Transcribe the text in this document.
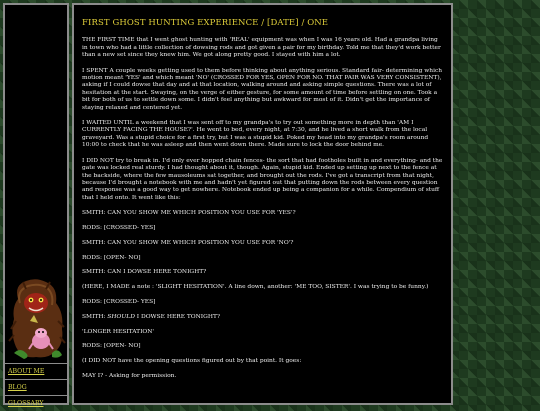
ABOUT ME
BLOG
GLOSSARY
FIRST GHOST HUNTING EXPERIENCE / [DATE] / ONE

THE FIRST TIME that I went ghost hunting with 'REAL' equipment was when I was 16 years old. Had a grandpa living in town who had a little collection of dowsing rods and got given a pair for my birthday. Told me that they'd work better than a new set since they knew him. We got along pretty good. I stayed with him a lot.

I SPENT A couple weeks getting used to them before thinking about anything serious. Standard fair- determining which motion meant 'YES' and which meant 'NO' (CROSSED FOR YES, OPEN FOR NO. THAT PAIR WAS VERY CONSISTENT), asking if I could dowse that day and at that location, walking around and asking simple questions. There was a lot of hesitation at the start. Swaying, on the verge of either gesture, for some amount of time before settling on one. Took a bit for both of us to settle down some. I didn't feel anything but awkward for most of it. Didn't get the importance of staying relaxed and centered yet.

I WAITED UNTIL a weekend that I was sent off to my grandpa's to try out something more in depth than 'AM I CURRENTLY FACING THE HOUSE?'. He went to bed, every night, at 7:30, and he lived a short walk from the local graveyard. Was a stupid choice for a first try, but I was a stupid kid. Poked my head into my grandpa's room around 10:00 to check that he was asleep and then went down there. Made sure to lock the door behind me.

I DID NOT try to break in. I'd only ever hopped chain fences- the sort that had footholes built in and everything- and the gate was locked real sturdy. I had thought about it, though. Again, stupid kid. Ended up setting up next to the fence at the backside, where the few mausoleums sat together, and brought out the rods. I've got a transcript from that night, because I'd brought a notebook with me and hadn't yet figured out that putting down the rods between every question and response was a good way to get nowhere. Notebook ended up being a companion for a while. Compendium of stuff that I held onto. It went like this:

SMITH: CAN YOU SHOW ME WHICH POSITION YOU USE FOR 'YES'?

RODS: [CROSSED- YES]

SMITH: CAN YOU SHOW ME WHICH POSITION YOU USE FOR 'NO'?

RODS: [OPEN- NO]

SMITH: CAN I DOWSE HERE TONIGHT?

(HERE, I MADE a note : 'SLIGHT HESITATION'. A line down, another: 'ME TOO, SISTER'. I was trying to be funny.)

RODS: [CROSSED- YES]

SMITH: SHOULD I DOWSE HERE TONIGHT?

'LONGER HESITATION'

RODS: [OPEN- NO]

(I DID NOT have the opening questions figured out by that point. It goes:

MAY I? - Asking for permission.
